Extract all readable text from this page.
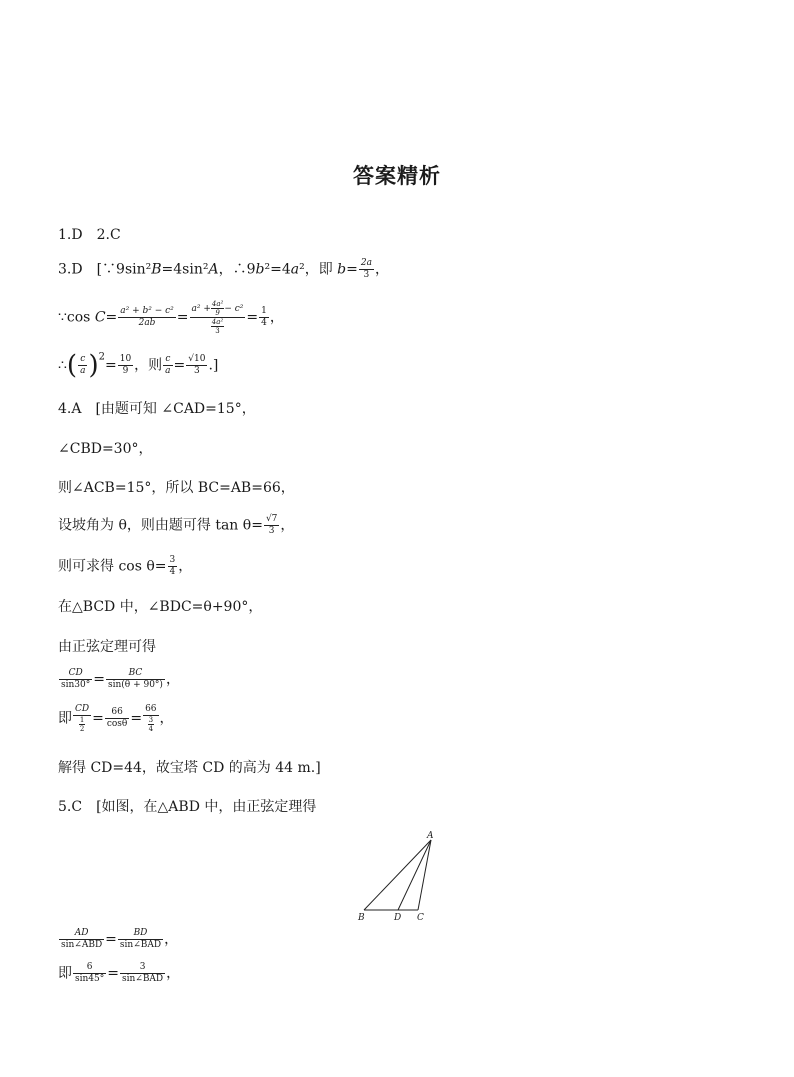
答案精析
1.D　2.C
3.D　[∵9sin²B=4sin²A，∴9b²=4a²，即 $b= \frac{2a}{3}$ ，
∵cos $C= \frac{\text{a² + b² − c²}}{2ab} = \frac{a^2 + \frac{\text{4a²}}{9} - c^2}{\frac{\text{4a²}}{3}} = \frac{1}{4}$ ，
∴( $\frac{c}{a} )^2= \frac{10}{9}$ ，则 $\frac{c}{a} = \frac{√10}{3}$ .]
4.A　[由题可知 ∠CAD=15°，
∠CBD=30°，
则∠ACB=15°，所以 BC=AB=66，
设坡角为 θ，则由题可得 $\tan \theta= \frac{√7}{3}$ ，
则可求得 $\cos \theta= \frac{3}{4}$ ，
在△BCD 中，∠BDC=θ+90°，
由正弦定理可得
$\frac{CD}{\sin 30^\circ} = \frac{BC}{\sin(\theta + 90^\circ)}$ ，
即 $\frac{CD}{\frac{1}{2}} = \frac{66}{\cos\theta} = \frac{66}{\frac{3}{4}}$ ，
解得 CD=44，故宝塔 CD 的高为 44 m.]
5.C　[如图，在△ABD 中，由正弦定理得
A
B	D C
$\frac{AD}{\text{sin∠ABD}} = \frac{BD}{\text{sin∠BAD}}$ ，
即 $\frac{6}{\sin 45^\circ} = \frac{3}{\text{sin∠BAD}}$ ，
